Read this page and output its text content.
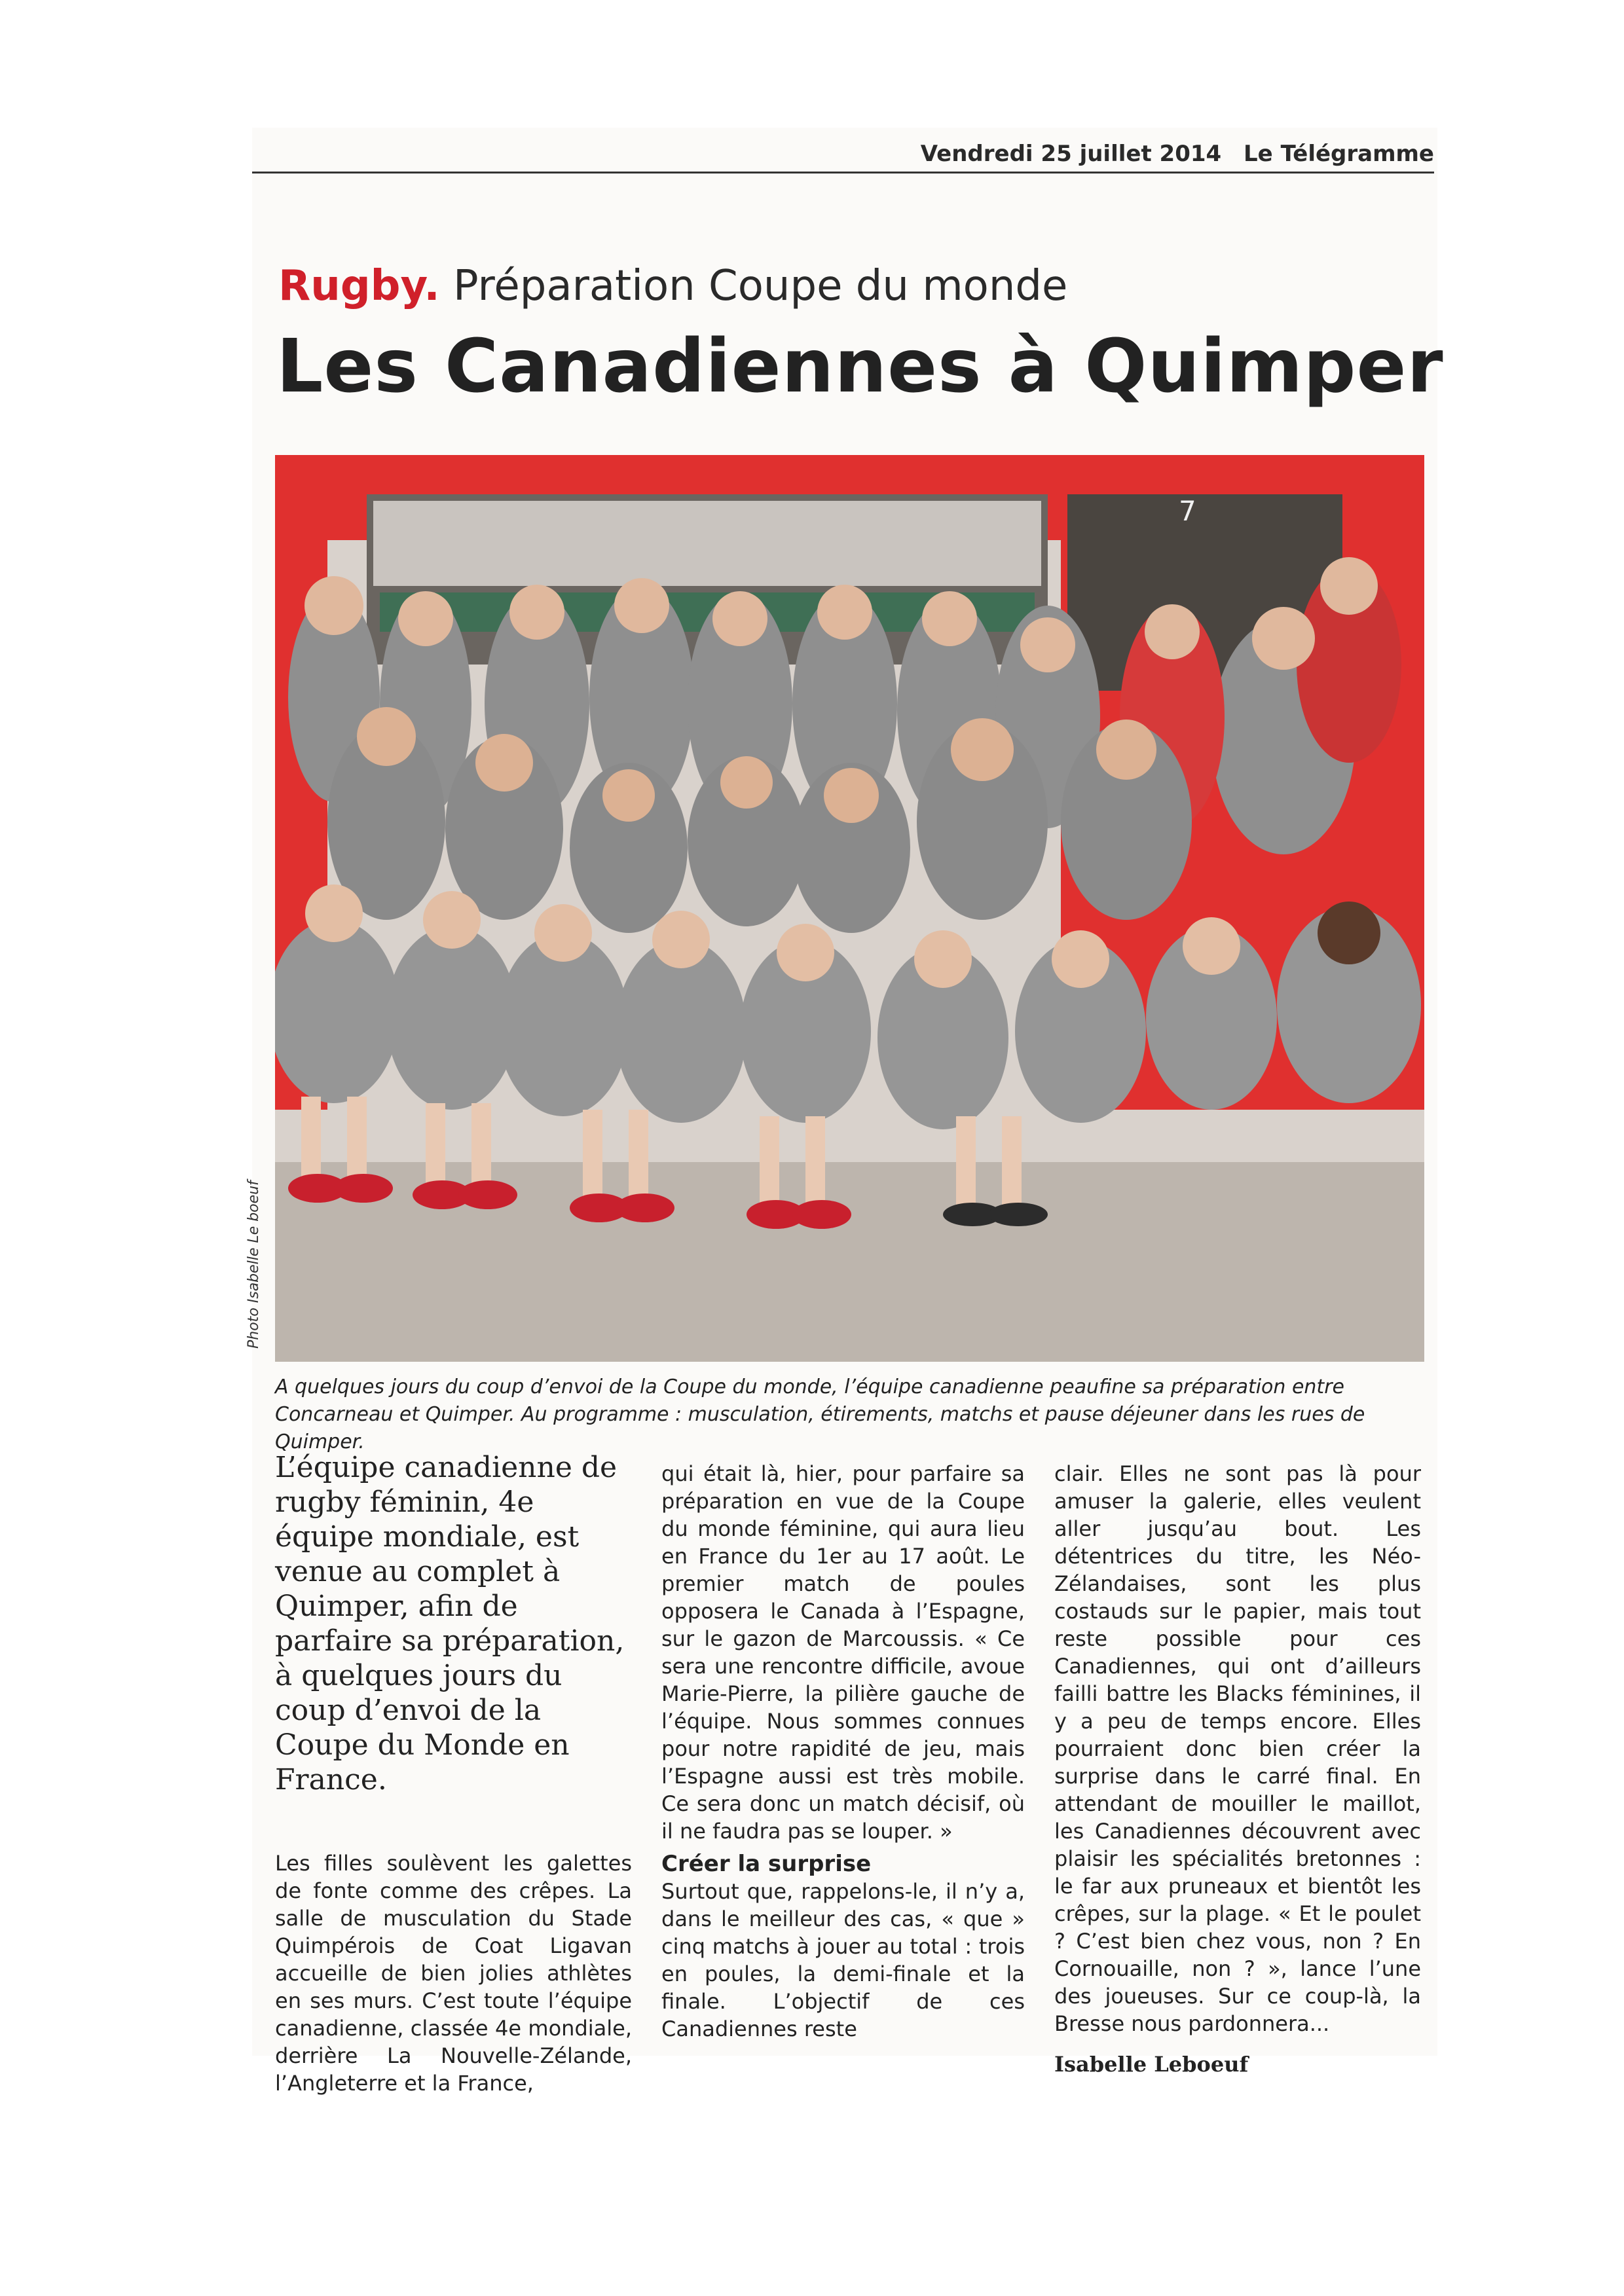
Vendredi 25 juillet 2014 Le Télégramme
Rugby. Préparation Coupe du monde
Les Canadiennes à Quimper
7
Photo Isabelle Le boeuf
A quelques jours du coup d’envoi de la Coupe du monde, l’équipe canadienne peaufine sa préparation entre Concarneau et Quimper. Au programme : musculation, étirements, matchs et pause déjeuner dans les rues de Quimper.

L’équipe canadienne de rugby féminin, 4e équipe mondiale, est venue au complet à Quimper, afin de parfaire sa préparation, à quelques jours du coup d’envoi de la Coupe du Monde en France.

Les filles soulèvent les galettes de fonte comme des crêpes. La salle de musculation du Stade Quimpérois de Coat Ligavan accueille de bien jolies athlètes en ses murs. C’est toute l’équipe canadienne, classée 4e mondiale, derrière La Nouvelle-Zélande, l’Angleterre et la France,

qui était là, hier, pour parfaire sa préparation en vue de la Coupe du monde féminine, qui aura lieu en France du 1er au 17 août. Le premier match de poules opposera le Canada à l’Espagne, sur le gazon de Marcoussis. « Ce sera une rencontre difficile, avoue Marie-Pierre, la pilière gauche de l’équipe. Nous sommes connues pour notre rapidité de jeu, mais l’Espagne aussi est très mobile. Ce sera donc un match décisif, où il ne faudra pas se louper. »

Créer la surprise

Surtout que, rappelons-le, il n’y a, dans le meilleur des cas, « que » cinq matchs à jouer au total : trois en poules, la demi-finale et la finale. L’objectif de ces Canadiennes reste

clair. Elles ne sont pas là pour amuser la galerie, elles veulent aller jusqu’au bout. Les détentrices du titre, les Néo-Zélandaises, sont les plus costauds sur le papier, mais tout reste possible pour ces Canadiennes, qui ont d’ailleurs failli battre les Blacks féminines, il y a peu de temps encore. Elles pourraient donc bien créer la surprise dans le carré final. En attendant de mouiller le maillot, les Canadiennes découvrent avec plaisir les spécialités bretonnes : le far aux pruneaux et bientôt les crêpes, sur la plage. « Et le poulet ? C’est bien chez vous, non ? En Cornouaille, non ? », lance l’une des joueuses. Sur ce coup-là, la Bresse nous pardonnera...

Isabelle Leboeuf
